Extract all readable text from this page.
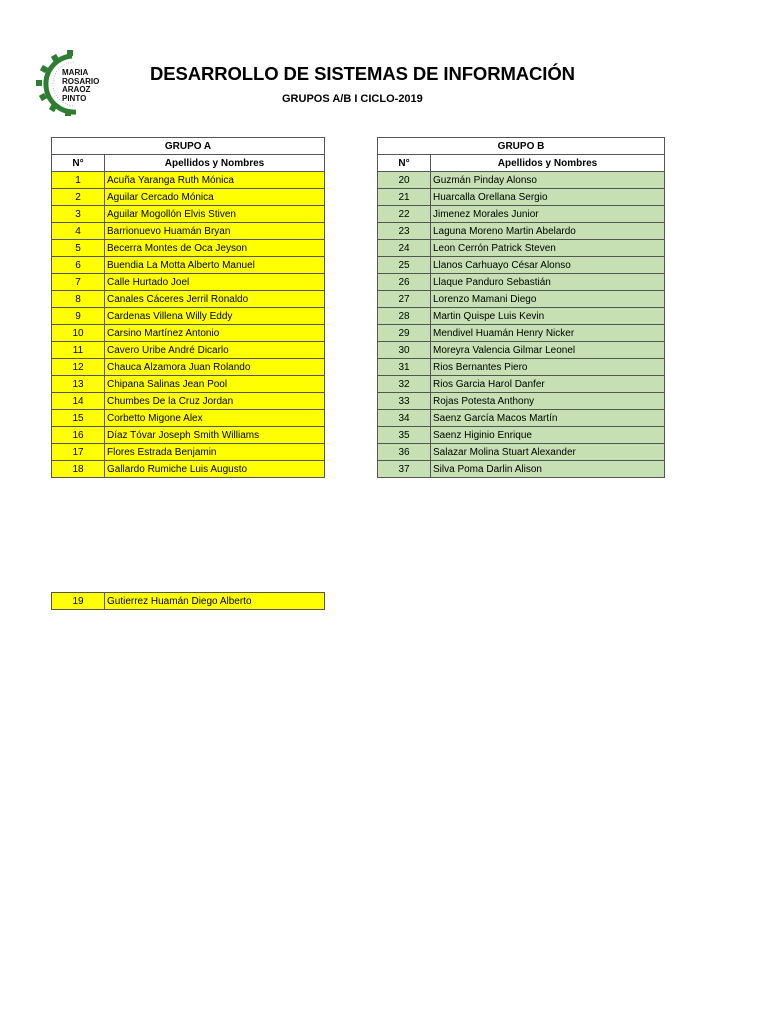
MARIA
ROSARIO
ARAOZ
PINTO
DESARROLLO DE SISTEMAS DE INFORMACIÓN
GRUPOS A/B I CICLO-2019
GRUPO A	
N°	Apellidos y Nombres
1	Acuña Yaranga Ruth Mónica
2	Aguilar Cercado Mónica
3	Aguilar Mogollón Elvis Stiven
4	Barrionuevo Huamán Bryan
5	Becerra Montes de Oca Jeyson
6	Buendia La Motta Alberto Manuel
7	Calle Hurtado Joel
8	Canales Cáceres Jerril Ronaldo
9	Cardenas Villena Willy Eddy
10	Carsino Martínez Antonio
11	Cavero Uribe André Dicarlo
12	Chauca Alzamora Juan Rolando
13	Chipana Salinas Jean Pool
14	Chumbes De la Cruz Jordan
15	Corbetto Migone Alex
16	Díaz Tóvar Joseph Smith Williams
17	Flores Estrada Benjamin
18	Gallardo Rumiche Luis Augusto
GRUPO B	
N°	Apellidos y Nombres
20	Guzmán Pinday Alonso
21	Huarcalla Orellana Sergio
22	Jimenez Morales Junior
23	Laguna Moreno Martin Abelardo
24	Leon Cerrón Patrick Steven
25	Llanos Carhuayo César Alonso
26	Llaque Panduro Sebastián
27	Lorenzo Mamani Diego
28	Martin Quispe Luis Kevin
29	Mendivel Huamán Henry Nicker
30	Moreyra Valencia Gilmar Leonel
31	Rios Bernantes Piero
32	Rios Garcia Harol Danfer
33	Rojas Potesta Anthony
34	Saenz García Macos Martín
35	Saenz Higinio Enrique
36	Salazar Molina Stuart Alexander
37	Silva Poma Darlin Alison
19	Gutierrez Huamán Diego Alberto
